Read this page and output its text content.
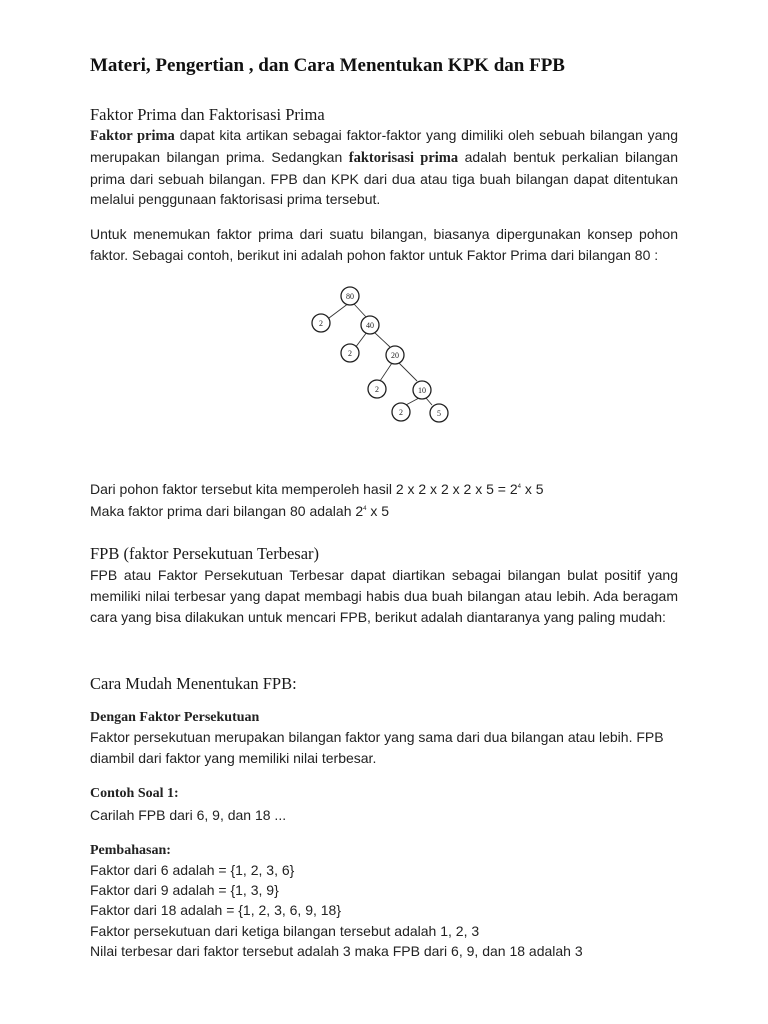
Materi, Pengertian , dan Cara Menentukan KPK dan FPB
Faktor Prima dan Faktorisasi Prima
Faktor prima dapat kita artikan sebagai faktor-faktor yang dimiliki oleh sebuah bilangan yang merupakan bilangan prima. Sedangkan faktorisasi prima adalah bentuk perkalian bilangan prima dari sebuah bilangan. FPB dan KPK dari dua atau tiga buah bilangan dapat ditentukan melalui penggunaan faktorisasi prima tersebut.
Untuk menemukan faktor prima dari suatu bilangan, biasanya dipergunakan konsep pohon faktor. Sebagai contoh, berikut ini adalah pohon faktor untuk Faktor Prima dari bilangan 80 :
80
2	40
2	20
2	10
2	5
Dari pohon faktor tersebut kita memperoleh hasil 2 x 2 x 2 x 2 x $5 = 2^4$ x 5
Maka faktor prima dari bilangan 80 adalah $2^4$ x 5
FPB (faktor Persekutuan Terbesar)
FPB atau Faktor Persekutuan Terbesar dapat diartikan sebagai bilangan bulat positif yang memiliki nilai terbesar yang dapat membagi habis dua buah bilangan atau lebih. Ada beragam cara yang bisa dilakukan untuk mencari FPB, berikut adalah diantaranya yang paling mudah:
Cara Mudah Menentukan FPB:
Dengan Faktor Persekutuan
Faktor persekutuan merupakan bilangan faktor yang sama dari dua bilangan atau lebih. FPB diambil dari faktor yang memiliki nilai terbesar.
Contoh Soal 1:
Carilah FPB dari 6, 9, dan 18 ...
Pembahasan:
Faktor dari 6 adalah = {1, 2, 3, 6}
Faktor dari 9 adalah = {1, 3, 9}
Faktor dari 18 adalah = {1, 2, 3, 6, 9, 18}
Faktor persekutuan dari ketiga bilangan tersebut adalah 1, 2, 3
Nilai terbesar dari faktor tersebut adalah 3 maka FPB dari 6, 9, dan 18 adalah 3
